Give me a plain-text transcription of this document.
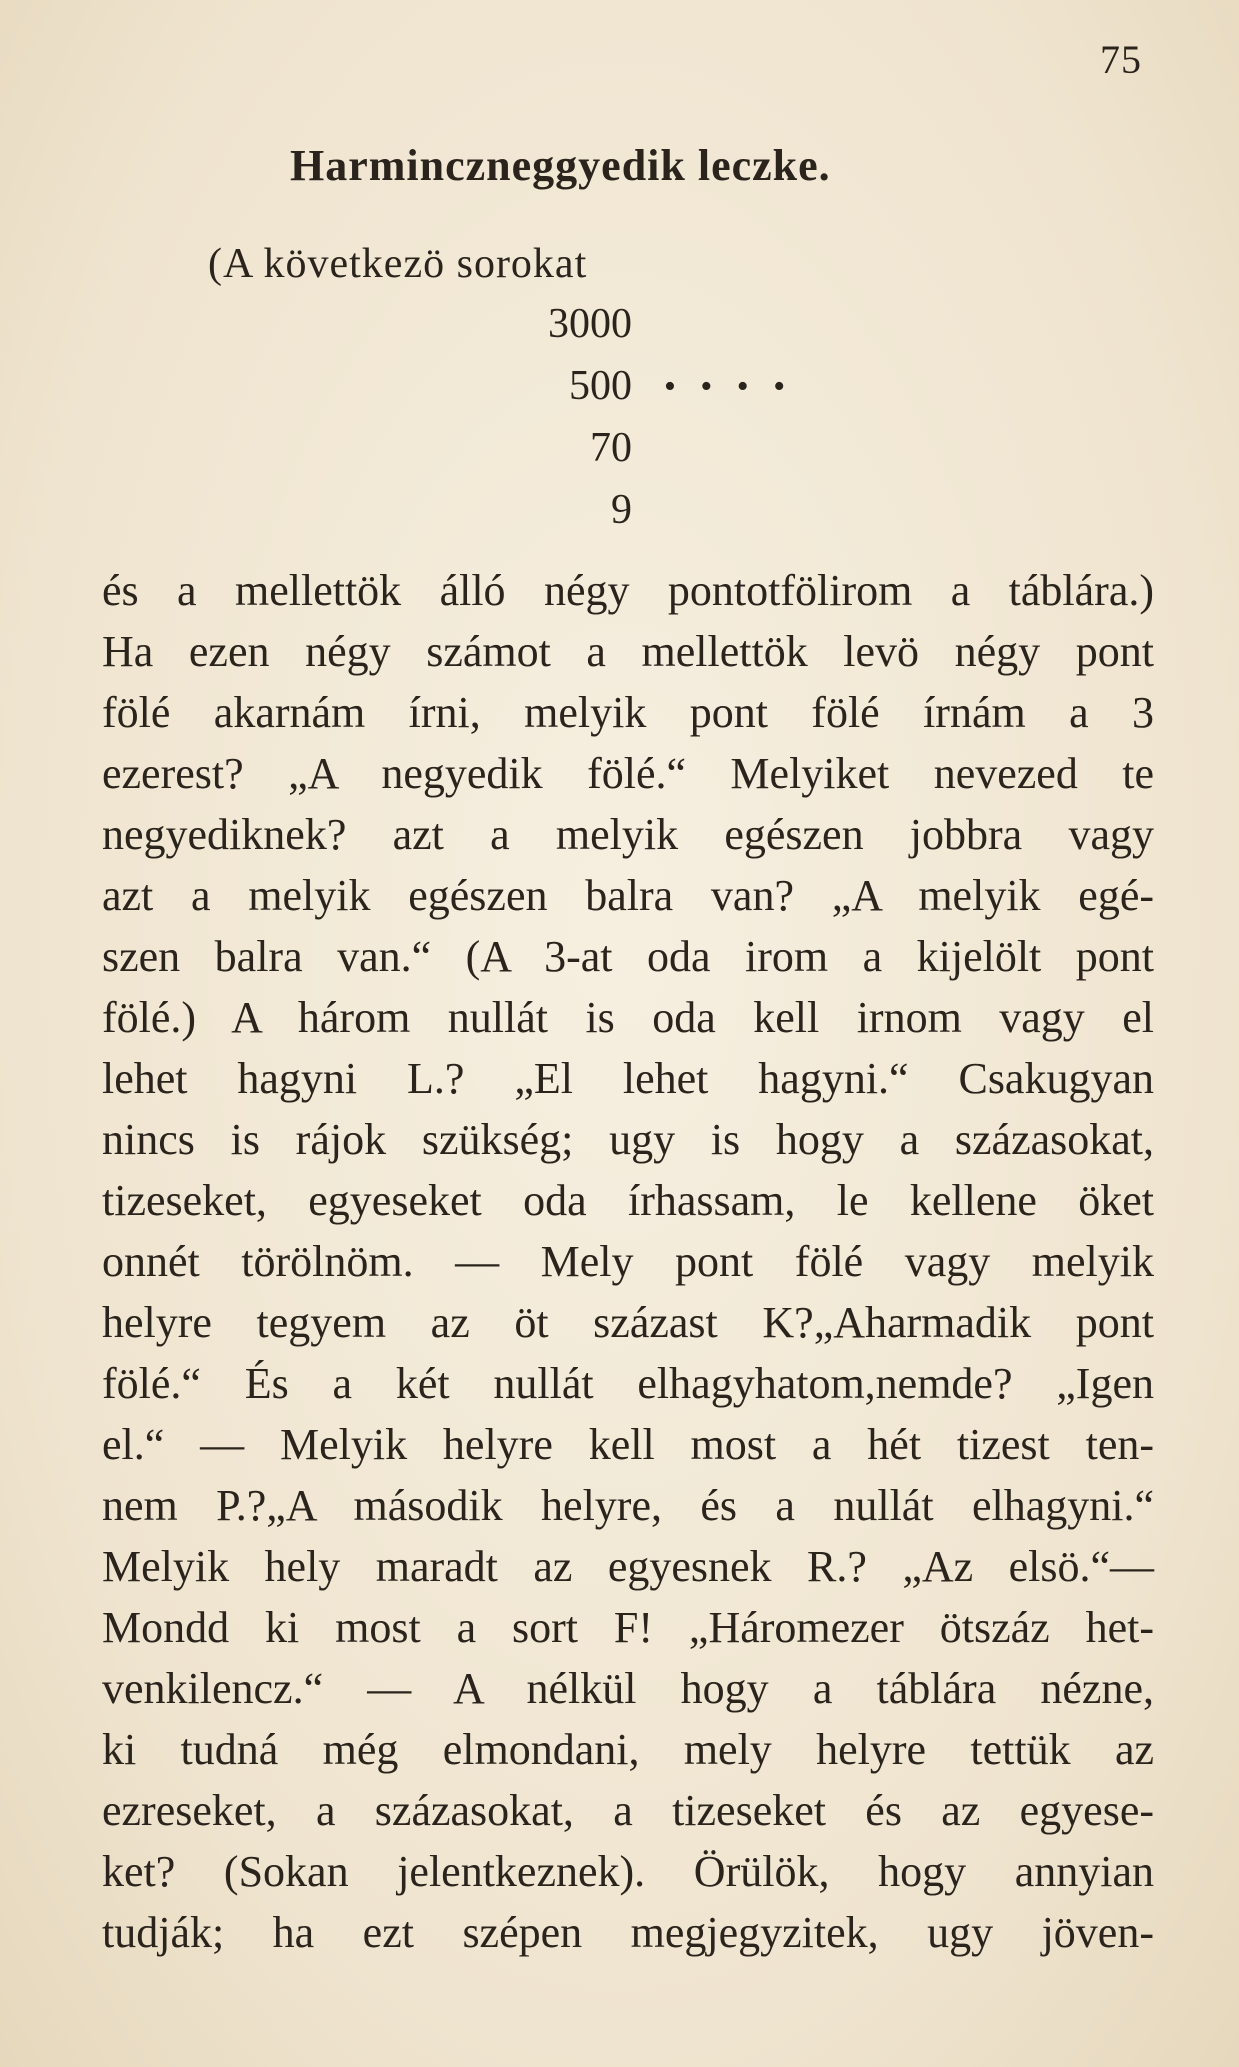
75
Harminczneggyedik leczke.
(A következö sorokat
3000
500
70
9
• • • •
és a mellettök álló négy pontotfölirom a táblára.)
Ha ezen négy számot a mellettök levö négy pont
fölé akarnám írni, melyik pont fölé írnám a 3
ezerest? „A negyedik fölé.“ Melyiket nevezed te
negyediknek? azt a melyik egészen jobbra vagy
azt a melyik egészen balra van? „A melyik egé-
szen balra van.“ (A 3-at oda irom a kijelölt pont
fölé.) A három nullát is oda kell irnom vagy el
lehet hagyni L.? „El lehet hagyni.“ Csakugyan
nincs is rájok szükség; ugy is hogy a százasokat,
tizeseket, egyeseket oda írhassam, le kellene öket
onnét törölnöm. — Mely pont fölé vagy melyik
helyre tegyem az öt százast K?„Aharmadik pont
fölé.“ És a két nullát elhagyhatom,nemde? „Igen
el.“ — Melyik helyre kell most a hét tizest ten-
nem P.?„A második helyre, és a nullát elhagyni.“
Melyik hely maradt az egyesnek R.? „Az elsö.“—
Mondd ki most a sort F! „Háromezer ötszáz het-
venkilencz.“ — A nélkül hogy a táblára nézne,
ki tudná még elmondani, mely helyre tettük az
ezreseket, a százasokat, a tizeseket és az egyese-
ket? (Sokan jelentkeznek). Örülök, hogy annyian
tudják; ha ezt szépen megjegyzitek, ugy jöven-
